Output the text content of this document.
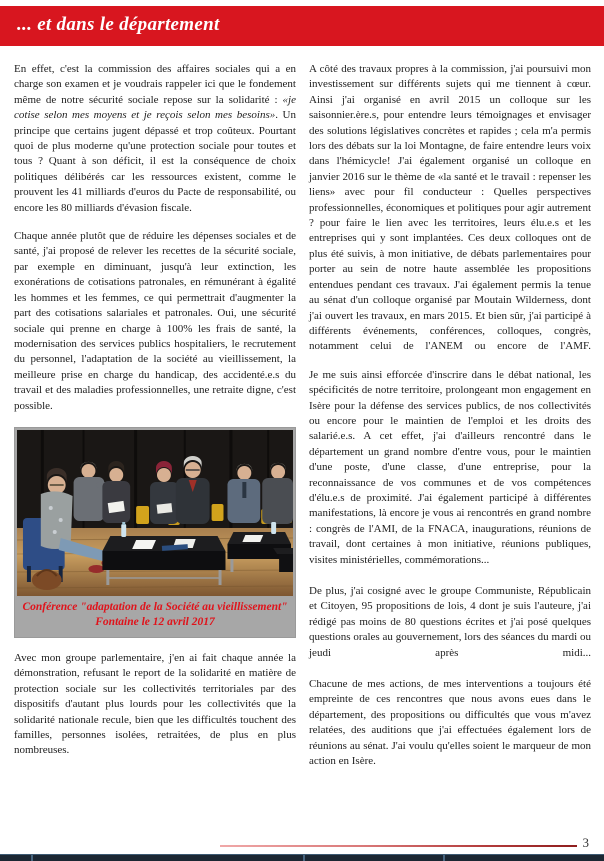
... et dans le département

En effet, c'est la commission des affaires sociales qui a en charge son examen et je voudrais rappeler ici que le fondement même de notre sécurité sociale repose sur la solidarité : «je cotise selon mes moyens et je reçois selon mes besoins». Un principe que certains jugent dépassé et trop coûteux. Pourtant quoi de plus moderne qu'une protection sociale pour toutes et tous ? Quant à son déficit, il est la conséquence de choix politiques délibérés car les ressources existent, comme le prouvent les 41 milliards d'euros du Pacte de responsabilité, ou encore les 80 milliards d'évasion fiscale.

Chaque année plutôt que de réduire les dépenses sociales et de santé, j'ai proposé de relever les recettes de la sécurité sociale, par exemple en diminuant, jusqu'à leur extinction, les exonérations de cotisations patronales, en rémunérant à égalité les hommes et les femmes, ce qui permettrait d'augmenter la part des cotisations salariales et patronales. Oui, une sécurité sociale qui prenne en charge à 100% les frais de santé, la modernisation des services publics hospitaliers, le recrutement du personnel, l'adaptation de la société au vieillissement, la meilleure prise en charge du handicap, des accidenté.e.s du travail et des maladies professionnelles, une retraite digne, c'est possible.

Conférence "adaptation de la Société au vieillissement"
Fontaine le 12 avril 2017

Avec mon groupe parlementaire, j'en ai fait chaque année la démonstration, refusant le report de la solidarité en matière de protection sociale sur les collectivités territoriales par des dispositifs d'autant plus lourds pour les collectivités que la solidarité nationale recule, bien que les difficultés touchent des familles, personnes isolées, retraitées, de plus en plus nombreuses.

A côté des travaux propres à la commission, j'ai poursuivi mon investissement sur différents sujets qui me tiennent à cœur. Ainsi j'ai organisé en avril 2015 un colloque sur les saisonnier.ère.s, pour entendre leurs témoignages et envisager des solutions législatives concrètes et rapides ; cela m'a permis lors des débats sur la loi Montagne, de faire entendre leurs voix dans l'hémicycle! J'ai également organisé un colloque en janvier 2016 sur le thème de «la santé et le travail : repenser les liens» avec pour fil conducteur : Quelles perspectives professionnelles, économiques et politiques pour agir autrement ? pour faire le lien avec les territoires, leurs élu.e.s et les entreprises qui y sont implantées. Ces deux colloques ont de plus été suivis, à mon initiative, de débats parlementaires pour porter au sein de notre haute assemblée les propositions entendues pendant ces travaux. J'ai également permis la tenue au sénat d'un colloque organisé par Moutain Wilderness, dont j'ai ouvert les travaux, en mars 2015. Et bien sûr, j'ai participé à différents événements, conférences, colloques, congrès, notamment celui de l'ANEM ou encore de l'AMF.

Je me suis ainsi efforcée d'inscrire dans le débat national, les spécificités de notre territoire, prolongeant mon engagement en Isère pour la défense des services publics, de nos collectivités ou encore pour le maintien de l'emploi et les droits des salarié.e.s. A cet effet, j'ai d'ailleurs rencontré dans le département un grand nombre d'entre vous, pour le maintien d'une poste, d'une classe, d'une entreprise, pour la reconnaissance de vos communes et de vos compétences d'élu.e.s de proximité. J'ai également participé à différentes manifestations, là encore je vous ai rencontrés en grand nombre : congrès de l'AMI, de la FNACA, inaugurations, réunions de travail, dont certaines à mon initiative, réunions publiques, visites ministérielles, commémorations...

De plus, j'ai cosigné avec le groupe Communiste, Républicain et Citoyen, 95 propositions de lois, 4 dont je suis l'auteure, j'ai rédigé pas moins de 80 questions écrites et j'ai posé quelques questions orales au gouvernement, lors des séances du mardi ou jeudi après midi...

Chacune de mes actions, de mes interventions a toujours été empreinte de ces rencontres que nous avons eues dans le département, des propositions ou difficultés que vous m'avez relatées, des auditions que j'ai effectuées également lors de réunions au sénat. J'ai voulu qu'elles soient le marqueur de mon action en Isère.

3
